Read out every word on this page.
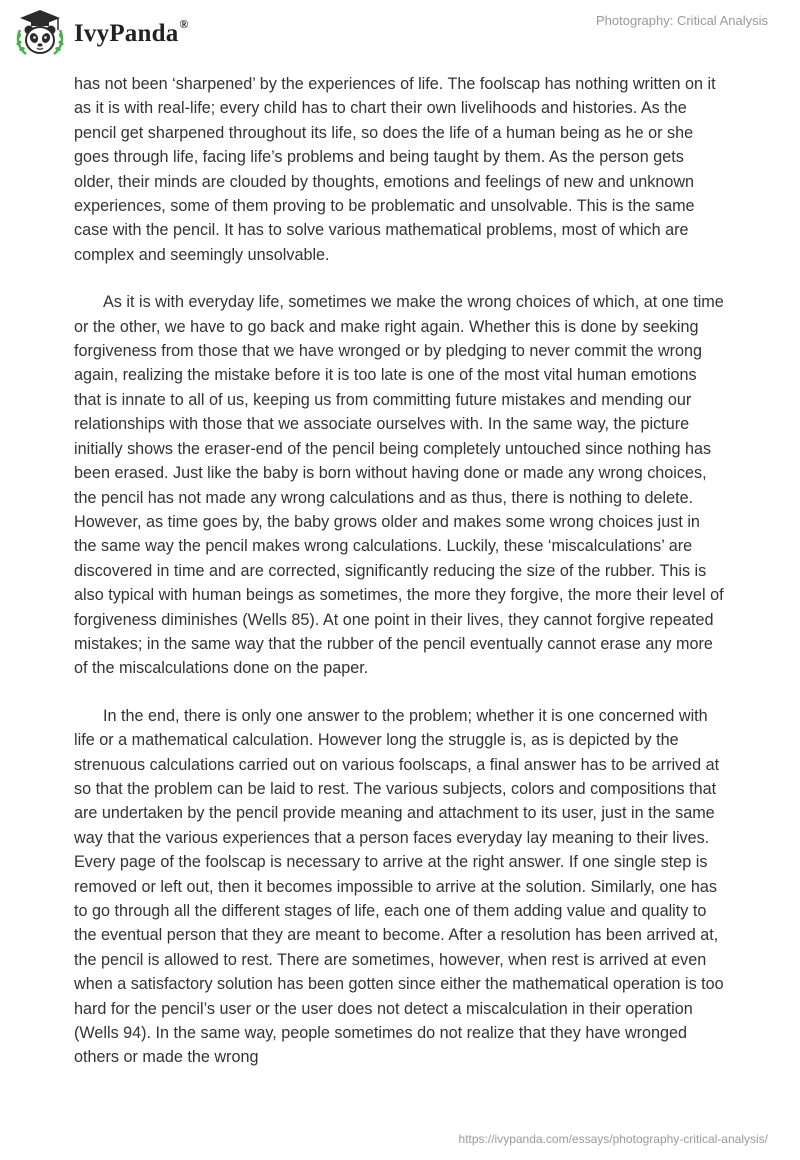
IvyPanda®	Photography: Critical Analysis

has not been ‘sharpened’ by the experiences of life. The foolscap has nothing written on it as it is with real-life; every child has to chart their own livelihoods and histories. As the pencil get sharpened throughout its life, so does the life of a human being as he or she goes through life, facing life’s problems and being taught by them. As the person gets older, their minds are clouded by thoughts, emotions and feelings of new and unknown experiences, some of them proving to be problematic and unsolvable. This is the same case with the pencil. It has to solve various mathematical problems, most of which are complex and seemingly unsolvable.

As it is with everyday life, sometimes we make the wrong choices of which, at one time or the other, we have to go back and make right again. Whether this is done by seeking forgiveness from those that we have wronged or by pledging to never commit the wrong again, realizing the mistake before it is too late is one of the most vital human emotions that is innate to all of us, keeping us from committing future mistakes and mending our relationships with those that we associate ourselves with. In the same way, the picture initially shows the eraser-end of the pencil being completely untouched since nothing has been erased. Just like the baby is born without having done or made any wrong choices, the pencil has not made any wrong calculations and as thus, there is nothing to delete. However, as time goes by, the baby grows older and makes some wrong choices just in the same way the pencil makes wrong calculations. Luckily, these ‘miscalculations’ are discovered in time and are corrected, significantly reducing the size of the rubber. This is also typical with human beings as sometimes, the more they forgive, the more their level of forgiveness diminishes (Wells 85). At one point in their lives, they cannot forgive repeated mistakes; in the same way that the rubber of the pencil eventually cannot erase any more of the miscalculations done on the paper.

In the end, there is only one answer to the problem; whether it is one concerned with life or a mathematical calculation. However long the struggle is, as is depicted by the strenuous calculations carried out on various foolscaps, a final answer has to be arrived at so that the problem can be laid to rest. The various subjects, colors and compositions that are undertaken by the pencil provide meaning and attachment to its user, just in the same way that the various experiences that a person faces everyday lay meaning to their lives. Every page of the foolscap is necessary to arrive at the right answer. If one single step is removed or left out, then it becomes impossible to arrive at the solution. Similarly, one has to go through all the different stages of life, each one of them adding value and quality to the eventual person that they are meant to become. After a resolution has been arrived at, the pencil is allowed to rest. There are sometimes, however, when rest is arrived at even when a satisfactory solution has been gotten since either the mathematical operation is too hard for the pencil’s user or the user does not detect a miscalculation in their operation (Wells 94). In the same way, people sometimes do not realize that they have wronged others or made the wrong

https://ivypanda.com/essays/photography-critical-analysis/
